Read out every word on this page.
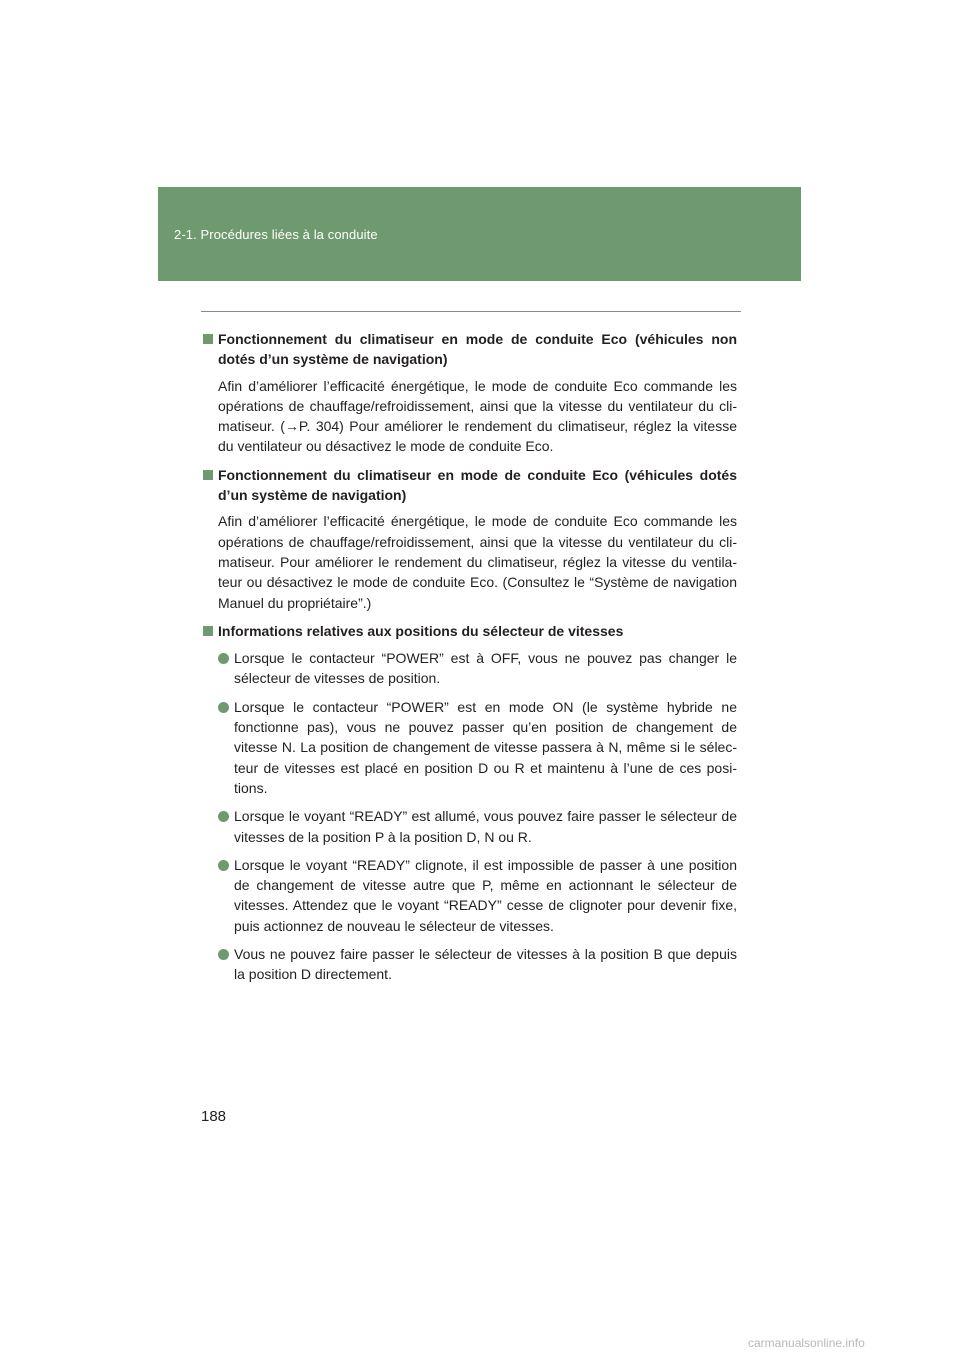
2-1. Procédures liées à la conduite

Fonctionnement du climatiseur en mode de conduite Eco (véhicules non dotés d’un système de navigation)

Afin d’améliorer l’efficacité énergétique, le mode de conduite Eco commande les opérations de chauffage/refroidissement, ainsi que la vitesse du ventilateur du cli-matiseur. (→P. 304) Pour améliorer le rendement du climatiseur, réglez la vitesse du ventilateur ou désactivez le mode de conduite Eco.

Fonctionnement du climatiseur en mode de conduite Eco (véhicules dotés d’un système de navigation)

Afin d’améliorer l’efficacité énergétique, le mode de conduite Eco commande les opérations de chauffage/refroidissement, ainsi que la vitesse du ventilateur du cli-matiseur. Pour améliorer le rendement du climatiseur, réglez la vitesse du ventila-teur ou désactivez le mode de conduite Eco. (Consultez le “Système de navigation Manuel du propriétaire”.)

Informations relatives aux positions du sélecteur de vitesses

Lorsque le contacteur “POWER” est à OFF, vous ne pouvez pas changer le sélecteur de vitesses de position.
Lorsque le contacteur “POWER” est en mode ON (le système hybride ne fonctionne pas), vous ne pouvez passer qu’en position de changement de vitesse N. La position de changement de vitesse passera à N, même si le sélec-teur de vitesses est placé en position D ou R et maintenu à l’une de ces posi-tions.
Lorsque le voyant “READY” est allumé, vous pouvez faire passer le sélecteur de vitesses de la position P à la position D, N ou R.
Lorsque le voyant “READY” clignote, il est impossible de passer à une position de changement de vitesse autre que P, même en actionnant le sélecteur de vitesses. Attendez que le voyant “READY” cesse de clignoter pour devenir fixe, puis actionnez de nouveau le sélecteur de vitesses.
Vous ne pouvez faire passer le sélecteur de vitesses à la position B que depuis la position D directement.
188
carmanualsonline.info
